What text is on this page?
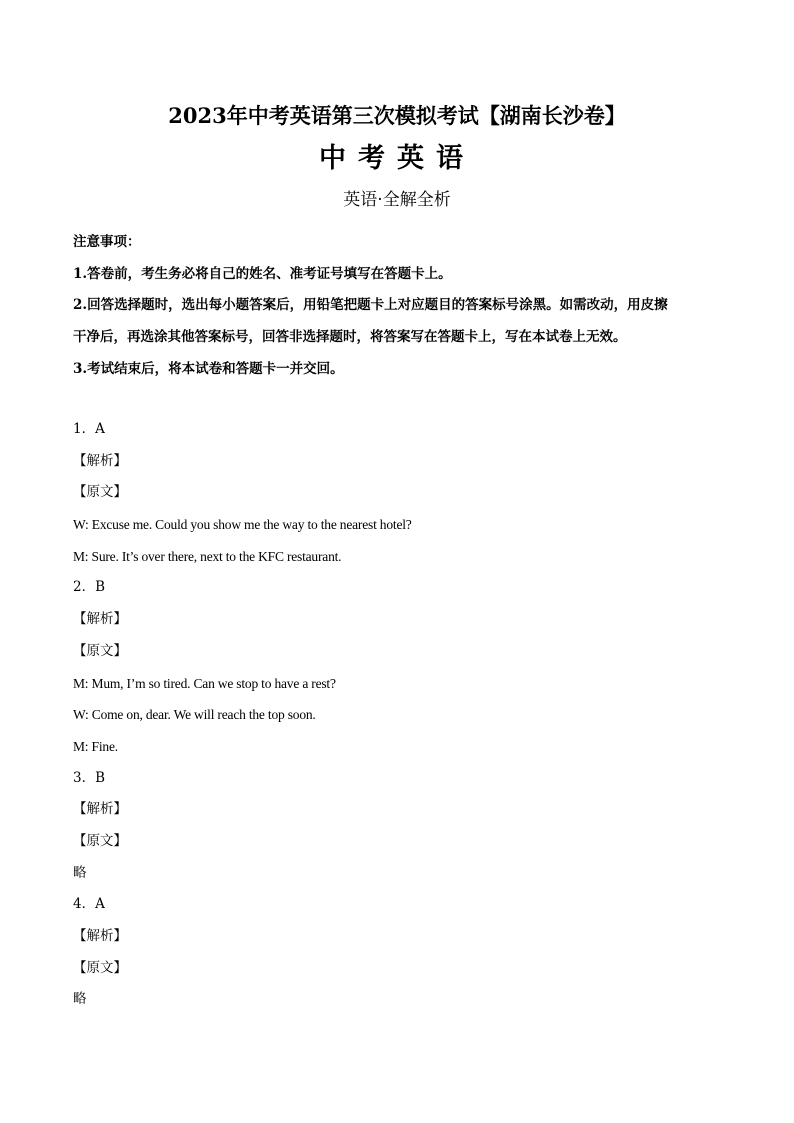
2023年中考英语第三次模拟考试【湖南长沙卷】
中考英语
英语·全解全析
注意事项：
1.答卷前，考生务必将自己的姓名、准考证号填写在答题卡上。
2.回答选择题时，选出每小题答案后，用铅笔把题卡上对应题目的答案标号涂黑。如需改动，用皮擦
干净后，再选涂其他答案标号，回答非选择题时，将答案写在答题卡上，写在本试卷上无效。
3.考试结束后，将本试卷和答题卡一并交回。
1．A
【解析】
【原文】
W: Excuse me. Could you show me the way to the nearest hotel?
M: Sure. It’s over there, next to the KFC restaurant.
2．B
【解析】
【原文】
M: Mum, I’m so tired. Can we stop to have a rest?
W: Come on, dear. We will reach the top soon.
M: Fine.
3．B
【解析】
【原文】
略
4．A
【解析】
【原文】
略
